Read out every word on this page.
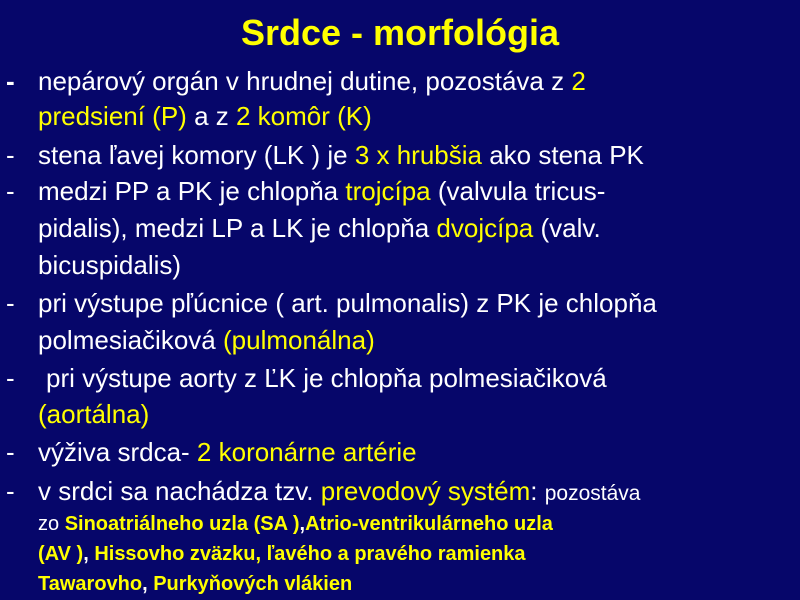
Srdce - morfológia
- nepárový orgán v hrudnej dutine, pozostáva z 2
predsiení (P) a z 2 komôr (K)
- stena ľavej komory (LK ) je 3 x hrubšia ako stena PK
- medzi PP a PK je chlopňa trojcípa (valvula tricus-
pidalis), medzi LP a LK je chlopňa dvojcípa (valv.
bicuspidalis)
- pri výstupe pľúcnice ( art. pulmonalis) z PK je chlopňa
polmesiačiková (pulmonálna)
- pri výstupe aorty z ĽK je chlopňa polmesiačiková
(aortálna)
- výživa srdca- 2 koronárne artérie
- v srdci sa nachádza tzv. prevodový systém: pozostáva
zo Sinoatriálneho uzla (SA ),Atrio-ventrikulárneho uzla
(AV ), Hissovho zväzku, ľavého a pravého ramienka
Tawarovho, Purkyňových vlákien
